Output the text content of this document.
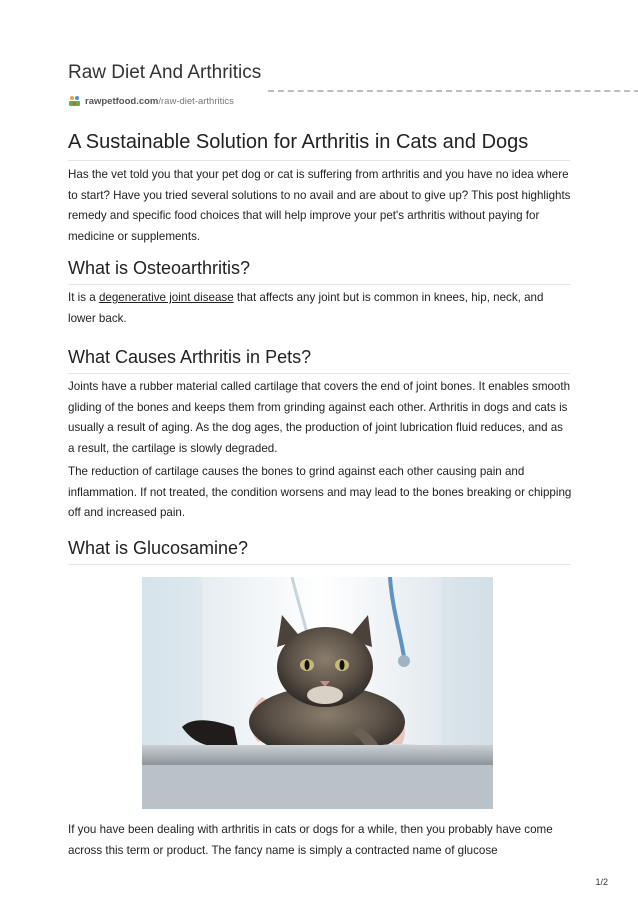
Raw Diet And Arthritics
rawpetfood.com /raw-diet-arthritics
A Sustainable Solution for Arthritis in Cats and Dogs
Has the vet told you that your pet dog or cat is suffering from arthritis and you have no idea where to start? Have you tried several solutions to no avail and are about to give up? This post highlights remedy and specific food choices that will help improve your pet's arthritis without paying for medicine or supplements.
What is Osteoarthritis?
It is a degenerative joint disease that affects any joint but is common in knees, hip, neck, and lower back.
What Causes Arthritis in Pets?
Joints have a rubber material called cartilage that covers the end of joint bones. It enables smooth gliding of the bones and keeps them from grinding against each other. Arthritis in dogs and cats is usually a result of aging. As the dog ages, the production of joint lubrication fluid reduces, and as a result, the cartilage is slowly degraded.
The reduction of cartilage causes the bones to grind against each other causing pain and inflammation. If not treated, the condition worsens and may lead to the bones breaking or chipping off and increased pain.
What is Glucosamine?
If you have been dealing with arthritis in cats or dogs for a while, then you probably have come across this term or product. The fancy name is simply a contracted name of glucose
1/2
